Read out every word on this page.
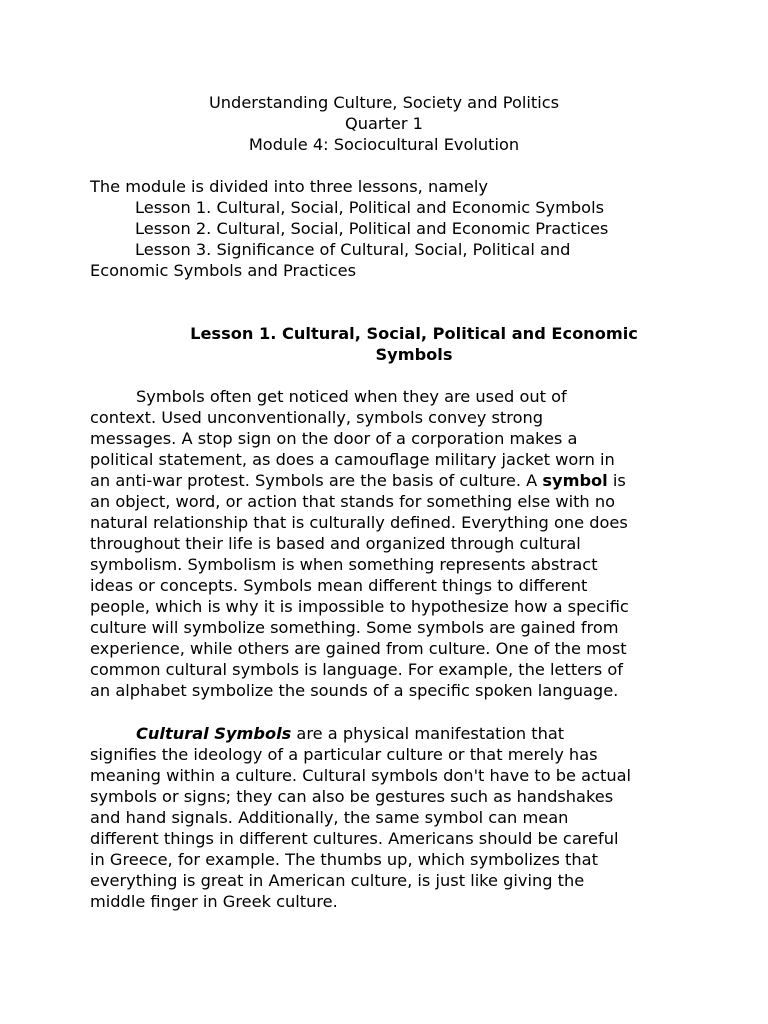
Understanding Culture, Society and Politics
Quarter 1
Module 4: Sociocultural Evolution
The module is divided into three lessons, namely
Lesson 1. Cultural, Social, Political and Economic Symbols
Lesson 2. Cultural, Social, Political and Economic Practices
Lesson 3. Significance of Cultural, Social, Political and
Economic Symbols and Practices
Lesson 1. Cultural, Social, Political and Economic
Symbols
Symbols often get noticed when they are used out of
context. Used unconventionally, symbols convey strong
messages. A stop sign on the door of a corporation makes a
political statement, as does a camouflage military jacket worn in
an anti-war protest. Symbols are the basis of culture. A symbol is
an object, word, or action that stands for something else with no
natural relationship that is culturally defined. Everything one does
throughout their life is based and organized through cultural
symbolism. Symbolism is when something represents abstract
ideas or concepts. Symbols mean different things to different
people, which is why it is impossible to hypothesize how a specific
culture will symbolize something. Some symbols are gained from
experience, while others are gained from culture. One of the most
common cultural symbols is language. For example, the letters of
an alphabet symbolize the sounds of a specific spoken language.
Cultural Symbols are a physical manifestation that
signifies the ideology of a particular culture or that merely has
meaning within a culture. Cultural symbols don't have to be actual
symbols or signs; they can also be gestures such as handshakes
and hand signals. Additionally, the same symbol can mean
different things in different cultures. Americans should be careful
in Greece, for example. The thumbs up, which symbolizes that
everything is great in American culture, is just like giving the
middle finger in Greek culture.
